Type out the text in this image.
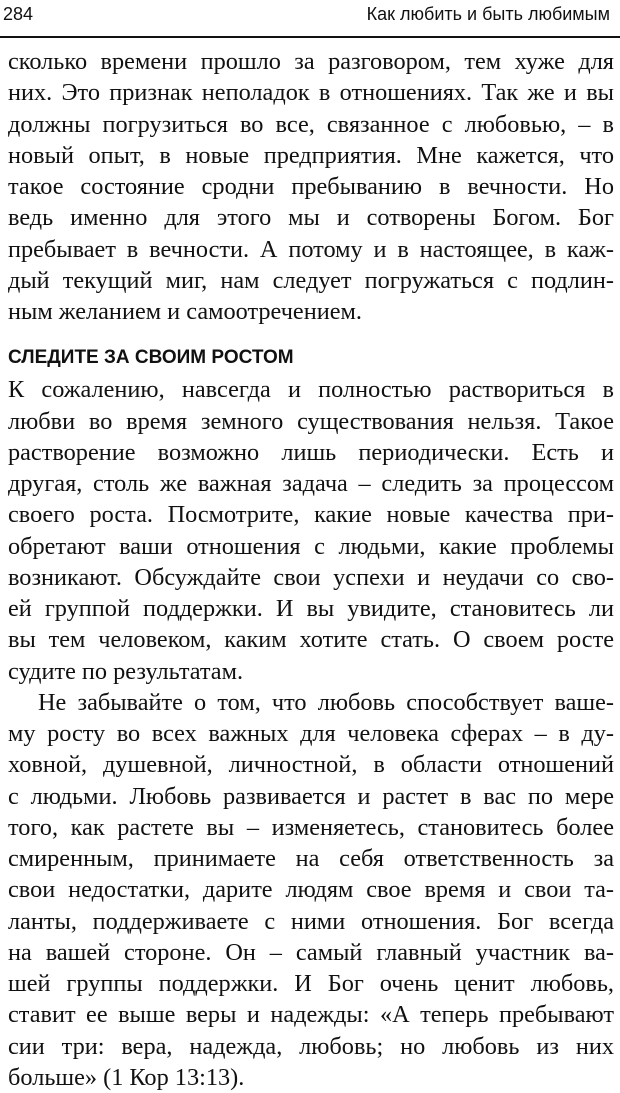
284	Как любить и быть любимым
сколько времени прошло за разговором, тем хуже для
них. Это признак неполадок в отношениях. Так же и вы
должны погрузиться во все, связанное с любовью, – в
новый опыт, в новые предприятия. Мне кажется, что
такое состояние сродни пребыванию в вечности. Но
ведь именно для этого мы и сотворены Богом. Бог
пребывает в вечности. А потому и в настоящее, в каж-
дый текущий миг, нам следует погружаться с подлин-
ным желанием и самоотречением.
СЛЕДИТЕ ЗА СВОИМ РОСТОМ
К сожалению, навсегда и полностью раствориться в
любви во время земного существования нельзя. Такое
растворение возможно лишь периодически. Есть и
другая, столь же важная задача – следить за процессом
своего роста. Посмотрите, какие новые качества при-
обретают ваши отношения с людьми, какие проблемы
возникают. Обсуждайте свои успехи и неудачи со сво-
ей группой поддержки. И вы увидите, становитесь ли
вы тем человеком, каким хотите стать. О своем росте
судите по результатам.
Не забывайте о том, что любовь способствует ваше-
му росту во всех важных для человека сферах – в ду-
ховной, душевной, личностной, в области отношений
с людьми. Любовь развивается и растет в вас по мере
того, как растете вы – изменяетесь, становитесь более
смиренным, принимаете на себя ответственность за
свои недостатки, дарите людям свое время и свои та-
ланты, поддерживаете с ними отношения. Бог всегда
на вашей стороне. Он – самый главный участник ва-
шей группы поддержки. И Бог очень ценит любовь,
ставит ее выше веры и надежды: «А теперь пребывают
сии три: вера, надежда, любовь; но любовь из них
больше» (1 Кор 13:13).
